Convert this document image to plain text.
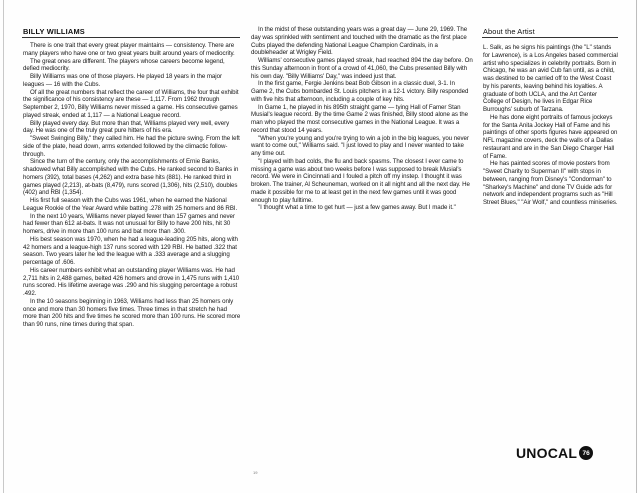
BILLY WILLIAMS

There is one trait that every great player maintains — consistency. There are many players who have one or two great years built around years of mediocrity.

The great ones are different. The players whose careers become legend, defied mediocrity.

Billy Williams was one of those players. He played 18 years in the major leagues — 16 with the Cubs.

Of all the great numbers that reflect the career of Williams, the four that exhibit the significance of his consistency are these — 1,117. From 1962 through September 2, 1970, Billy Williams never missed a game. His consecutive games played streak, ended at 1,117 — a National League record.

Billy played every day. But more than that, Williams played very well, every day. He was one of the truly great pure hitters of his era.

"Sweet Swinging Billy," they called him. He had the picture swing. From the left side of the plate, head down, arms extended followed by the climactic follow-through.

Since the turn of the century, only the accomplishments of Ernie Banks, shadowed what Billy accomplished with the Cubs. He ranked second to Banks in homers (392), total bases (4,262) and extra base hits (881). He ranked third in games played (2,213), at-bats (8,479), runs scored (1,306), hits (2,510), doubles (402) and RBI (1,354).

His first full season with the Cubs was 1961, when he earned the National League Rookie of the Year Award while batting .278 with 25 homers and 86 RBI.

In the next 10 years, Williams never played fewer than 157 games and never had fewer than 612 at-bats. It was not unusual for Billy to have 200 hits, hit 30 homers, drive in more than 100 runs and bat more than .300.

His best season was 1970, when he had a league-leading 205 hits, along with 42 homers and a league-high 137 runs scored with 129 RBI. He batted .322 that season. Two years later he led the league with a .333 average and a slugging percentage of .606.

His career numbers exhibit what an outstanding player Williams was. He had 2,711 hits in 2,488 games, belted 426 homers and drove in 1,475 runs with 1,410 runs scored. His lifetime average was .290 and his slugging percentage a robust .492.

In the 10 seasons beginning in 1963, Williams had less than 25 homers only once and more than 30 homers five times. Three times in that stretch he had more than 200 hits and five times he scored more than 100 runs. He scored more than 90 runs, nine times during that span.

In the midst of these outstanding years was a great day — June 29, 1969. The day was sprinkled with sentiment and touched with the dramatic as the first place Cubs played the defending National League Champion Cardinals, in a doubleheader at Wrigley Field.

Williams' consecutive games played streak, had reached 894 the day before. On this Sunday afternoon in front of a crowd of 41,060, the Cubs presented Billy with his own day. "Billy Williams' Day," was indeed just that.

In the first game, Fergie Jenkins beat Bob Gibson in a classic duel, 3-1. In Game 2, the Cubs bombarded St. Louis pitchers in a 12-1 victory. Billy responded with five hits that afternoon, including a couple of key hits.

In Game 1, he played in his 895th straight game — tying Hall of Famer Stan Musial's league record. By the time Game 2 was finished, Billy stood alone as the man who played the most consecutive games in the National League. It was a record that stood 14 years.

"When you're young and you're trying to win a job in the big leagues, you never want to come out," Williams said. "I just loved to play and I never wanted to take any time out.

"I played with bad colds, the flu and back spasms. The closest I ever came to missing a game was about two weeks before I was supposed to break Musial's record. We were in Cincinnati and I fouled a pitch off my instep. I thought it was broken. The trainer, Al Scheuneman, worked on it all night and all the next day. He made it possible for me to at least get in the next few games until it was good enough to play fulltime.

"I thought what a time to get hurt — just a few games away. But I made it."

About the Artist

L. Salk, as he signs his paintings (the "L" stands for Lawrence), is a Los Angeles based commercial artist who specializes in celebrity portraits. Born in Chicago, he was an avid Cub fan until, as a child, was destined to be carried off to the West Coast by his parents, leaving behind his loyalties. A graduate of both UCLA, and the Art Center College of Design, he lives in Edgar Rice Burroughs' suburb of Tarzana.

He has done eight portraits of famous jockeys for the Santa Anita Jockey Hall of Fame and his paintings of other sports figures have appeared on NFL magazine covers, deck the walls of a Dallas restaurant and are in the San Diego Charger Hall of Fame.

He has painted scores of movie posters from "Sweet Charity to Superman II" with stops in between, ranging from Disney's "Condorman" to "Sharkey's Machine" and done TV Guide ads for network and independent programs such as "Hill Street Blues," "Air Wolf," and countless miniseries.

UNOCAL 76
19
